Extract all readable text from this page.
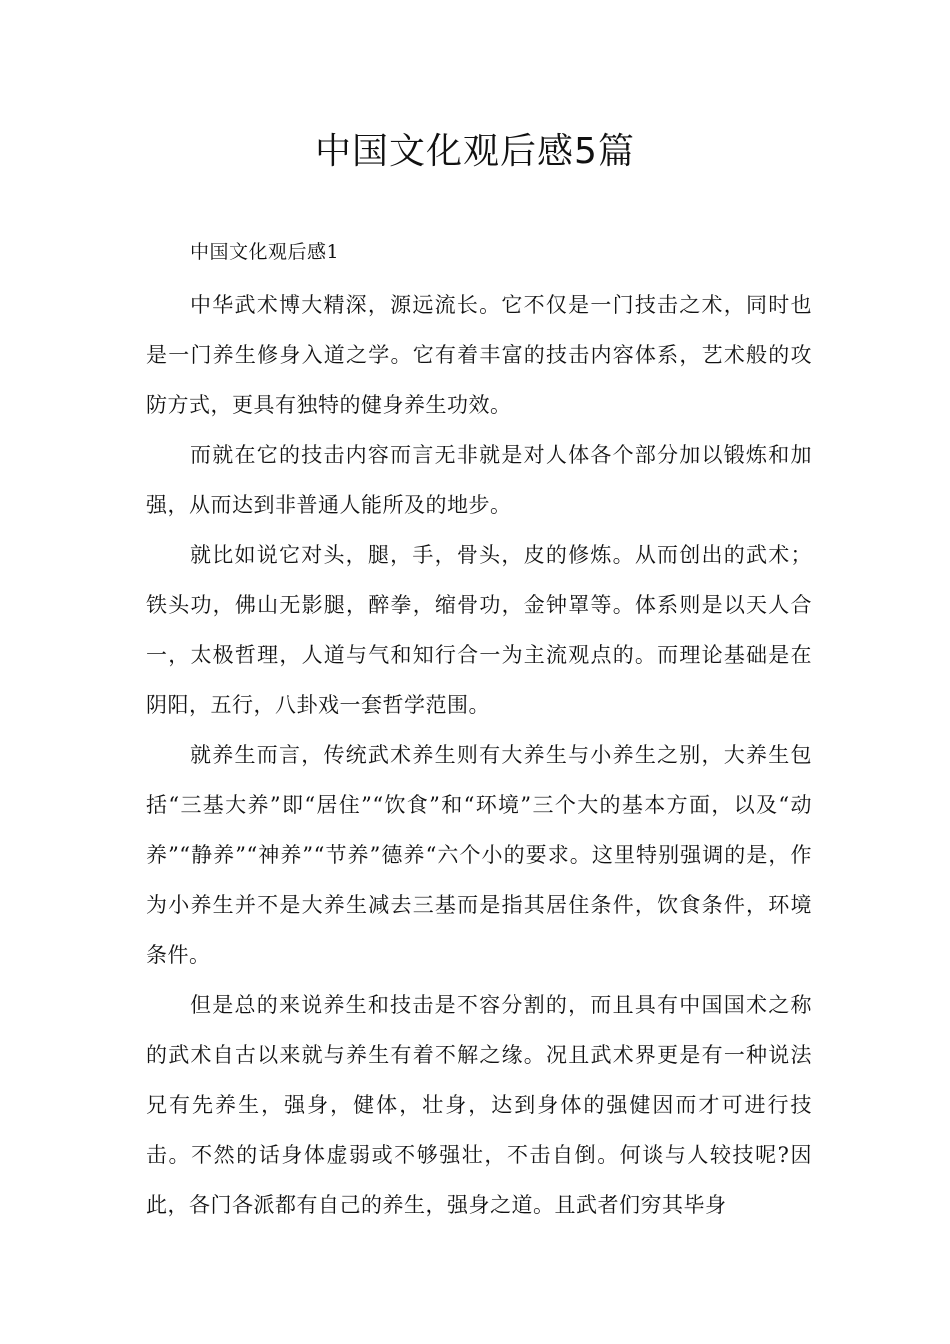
中国文化观后感5篇

中国文化观后感1

中华武术博大精深，源远流长。它不仅是一门技击之术，同时也是一门养生修身入道之学。它有着丰富的技击内容体系，艺术般的攻防方式，更具有独特的健身养生功效。

而就在它的技击内容而言无非就是对人体各个部分加以锻炼和加强，从而达到非普通人能所及的地步。

就比如说它对头，腿，手，骨头，皮的修炼。从而创出的武术；铁头功，佛山无影腿，醉拳，缩骨功，金钟罩等。体系则是以天人合一，太极哲理，人道与气和知行合一为主流观点的。而理论基础是在阴阳，五行，八卦戏一套哲学范围。

就养生而言，传统武术养生则有大养生与小养生之别，大养生包括“三基大养”即“居住”“饮食”和“环境”三个大的基本方面，以及“动养”“静养”“神养”“节养”德养“六个小的要求。这里特别强调的是，作为小养生并不是大养生减去三基而是指其居住条件，饮食条件，环境条件。

但是总的来说养生和技击是不容分割的，而且具有中国国术之称的武术自古以来就与养生有着不解之缘。况且武术界更是有一种说法兄有先养生，强身，健体，壮身，达到身体的强健因而才可进行技击。不然的话身体虚弱或不够强壮，不击自倒。何谈与人较技呢?因此，各门各派都有自己的养生，强身之道。且武者们穷其毕身
